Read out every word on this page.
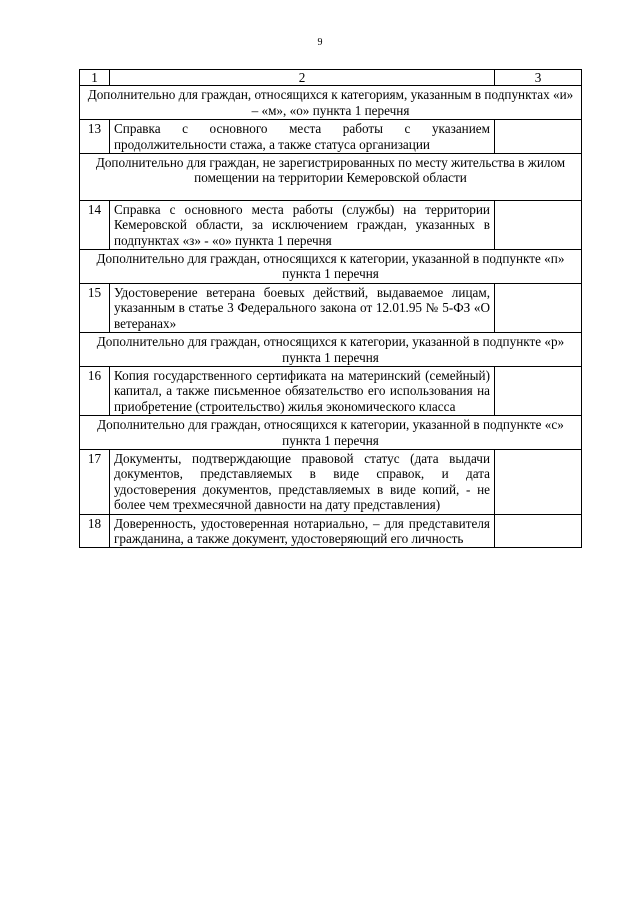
9
1	2	3
Дополнительно для граждан, относящихся к категориям, указанным в подпунктах «и» – «м», «о» пункта 1 перечня		
13	Справка с основного места работы с указанием продолжительности стажа, а также статуса организации	
Дополнительно для граждан, не зарегистрированных по месту жительства в жилом помещении на территории Кемеровской области		
14	Справка с основного места работы (службы) на территории Кемеровской области, за исключением граждан, указанных в подпунктах «з» - «о» пункта 1 перечня	
Дополнительно для граждан, относящихся к категории, указанной в подпункте «п» пункта 1 перечня		
15	Удостоверение ветерана боевых действий, выдаваемое лицам, указанным в статье 3 Федерального закона от 12.01.95 № 5-ФЗ «О ветеранах»	
Дополнительно для граждан, относящихся к категории, указанной в подпункте «р» пункта 1 перечня		
16	Копия государственного сертификата на материнский (семейный) капитал, а также письменное обязательство его использования на приобретение (строительство) жилья экономического класса	
Дополнительно для граждан, относящихся к категории, указанной в подпункте «с» пункта 1 перечня		
17	Документы, подтверждающие правовой статус (дата выдачи документов, представляемых в виде справок, и дата удостоверения документов, представляемых в виде копий, - не более чем трехмесячной давности на дату представления)	
18	Доверенность, удостоверенная нотариально, – для представителя гражданина, а также документ, удостоверяющий его личность	
